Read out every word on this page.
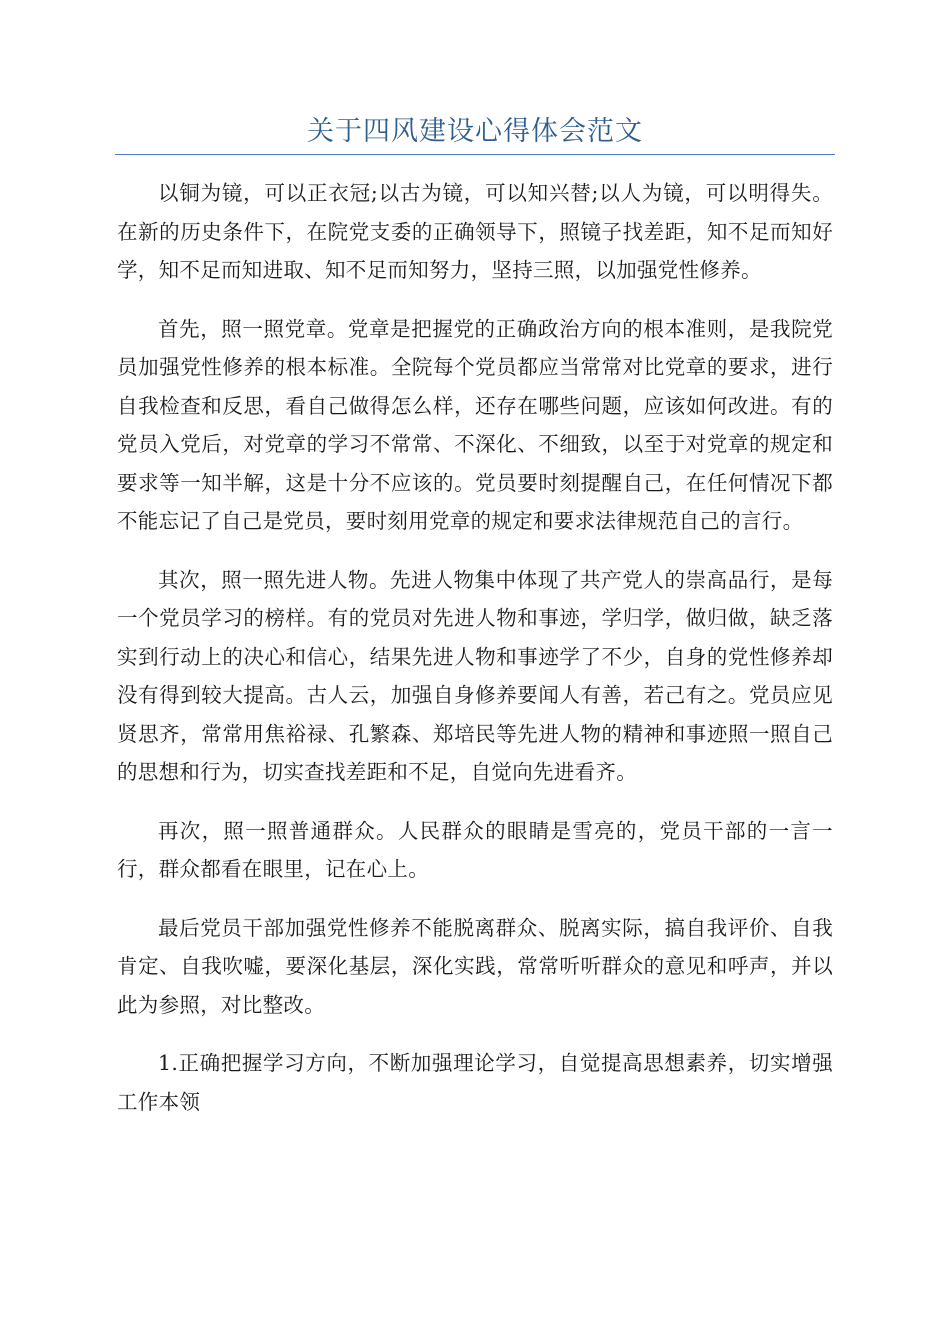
关于四风建设心得体会范文

以铜为镜，可以正衣冠;以古为镜，可以知兴替;以人为镜，可以明得失。在新的历史条件下，在院党支委的正确领导下，照镜子找差距，知不足而知好学，知不足而知进取、知不足而知努力，坚持三照，以加强党性修养。

首先，照一照党章。党章是把握党的正确政治方向的根本准则，是我院党员加强党性修养的根本标准。全院每个党员都应当常常对比党章的要求，进行自我检查和反思，看自己做得怎么样，还存在哪些问题，应该如何改进。有的党员入党后，对党章的学习不常常、不深化、不细致，以至于对党章的规定和要求等一知半解，这是十分不应该的。党员要时刻提醒自己，在任何情况下都不能忘记了自己是党员，要时刻用党章的规定和要求法律规范自己的言行。

其次，照一照先进人物。先进人物集中体现了共产党人的崇高品行，是每一个党员学习的榜样。有的党员对先进人物和事迹，学归学，做归做，缺乏落实到行动上的决心和信心，结果先进人物和事迹学了不少，自身的党性修养却没有得到较大提高。古人云，加强自身修养要闻人有善，若己有之。党员应见贤思齐，常常用焦裕禄、孔繁森、郑培民等先进人物的精神和事迹照一照自己的思想和行为，切实查找差距和不足，自觉向先进看齐。

再次，照一照普通群众。人民群众的眼睛是雪亮的，党员干部的一言一行，群众都看在眼里，记在心上。

最后党员干部加强党性修养不能脱离群众、脱离实际，搞自我评价、自我肯定、自我吹嘘，要深化基层，深化实践，常常听听群众的意见和呼声，并以此为参照，对比整改。

1.正确把握学习方向，不断加强理论学习，自觉提高思想素养，切实增强工作本领
